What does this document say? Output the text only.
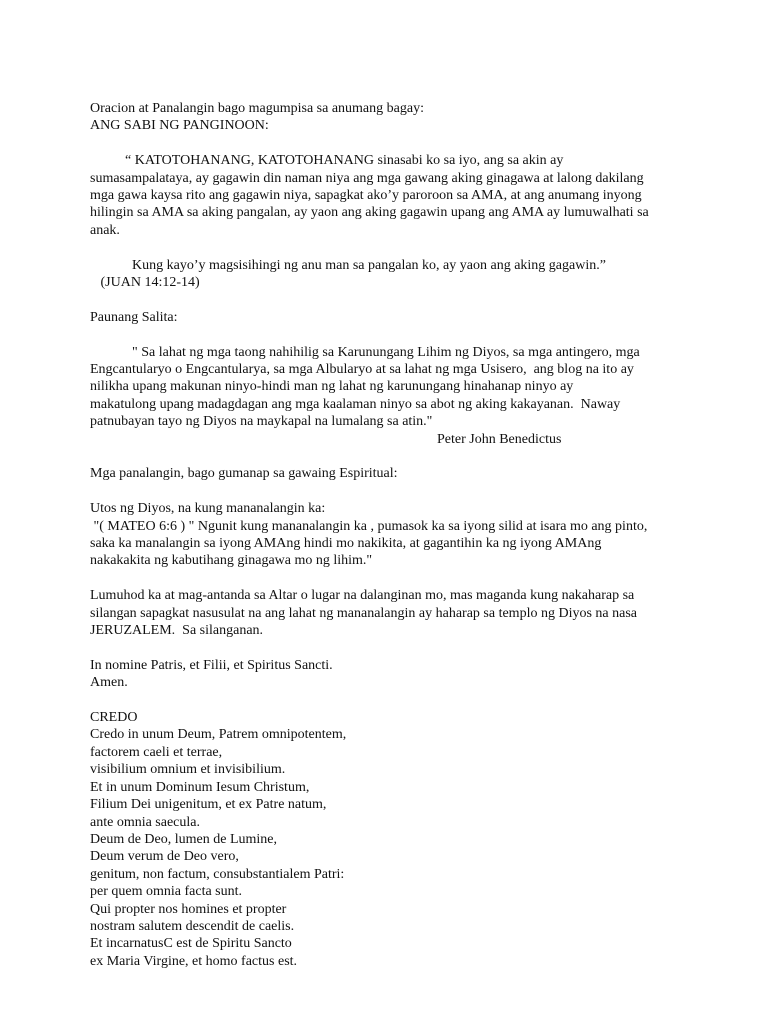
Oracion at Panalangin bago magumpisa sa anumang bagay:

ANG SABI NG PANGINOON:

“ KATOTOHANANG, KATOTOHANANG sinasabi ko sa iyo, ang sa akin ay

sumasampalataya, ay gagawin din naman niya ang mga gawang aking ginagawa at lalong dakilang

mga gawa kaysa rito ang gagawin niya, sapagkat ako’y paroroon sa AMA, at ang anumang inyong

hilingin sa AMA sa aking pangalan, ay yaon ang aking gagawin upang ang AMA ay lumuwalhati sa

anak.

Kung kayo’y magsisihingi ng anu man sa pangalan ko, ay yaon ang aking gagawin.”

(JUAN 14:12-14)

Paunang Salita:

" Sa lahat ng mga taong nahihilig sa Karunungang Lihim ng Diyos, sa mga antingero, mga

Engcantularyo o Engcantularya, sa mga Albularyo at sa lahat ng mga Usisero,  ang blog na ito ay

nilikha upang makunan ninyo-hindi man ng lahat ng karunungang hinahanap ninyo ay

makatulong upang madagdagan ang mga kaalaman ninyo sa abot ng aking kakayanan.  Naway

patnubayan tayo ng Diyos na maykapal na lumalang sa atin."

Peter John Benedictus

Mga panalangin, bago gumanap sa gawaing Espiritual:

Utos ng Diyos, na kung mananalangin ka:

"( MATEO 6:6 ) " Ngunit kung mananalangin ka , pumasok ka sa iyong silid at isara mo ang pinto,

saka ka manalangin sa iyong AMAng hindi mo nakikita, at gagantihin ka ng iyong AMAng

nakakakita ng kabutihang ginagawa mo ng lihim."

Lumuhod ka at mag-antanda sa Altar o lugar na dalanginan mo, mas maganda kung nakaharap sa

silangan sapagkat nasusulat na ang lahat ng mananalangin ay haharap sa templo ng Diyos na nasa

JERUZALEM.  Sa silanganan.

In nomine Patris, et Filii, et Spiritus Sancti.

Amen.

CREDO

Credo in unum Deum, Patrem omnipotentem,

factorem caeli et terrae,

visibilium omnium et invisibilium.

Et in unum Dominum Iesum Christum,

Filium Dei unigenitum, et ex Patre natum,

ante omnia saecula.

Deum de Deo, lumen de Lumine,

Deum verum de Deo vero,

genitum, non factum, consubstantialem Patri:

per quem omnia facta sunt.

Qui propter nos homines et propter

nostram salutem descendit de caelis.

Et incarnatusC est de Spiritu Sancto

ex Maria Virgine, et homo factus est.
